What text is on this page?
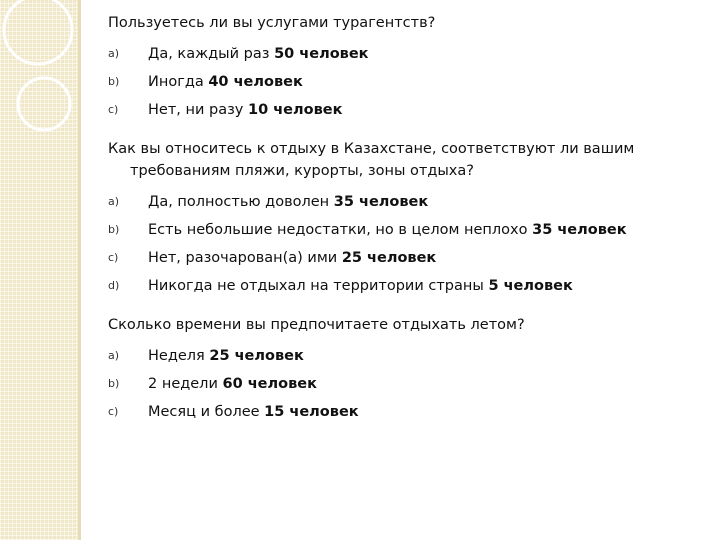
Пользуетесь ли вы услугами турагентств?

a) Да, каждый раз 50 человек
b) Иногда 40 человек
c) Нет, ни разу 10 человек

Как вы относитесь к отдыху в Казахстане, соответствуют ли вашим требованиям пляжи, курорты, зоны отдыха?

a) Да, полностью доволен 35 человек
b) Есть небольшие недостатки, но в целом неплохо 35 человек
c) Нет, разочарован(а) ими 25 человек
d) Никогда не отдыхал на территории страны 5 человек

Сколько времени вы предпочитаете отдыхать летом?

a) Неделя 25 человек
b) 2 недели 60 человек
c) Месяц и более 15 человек
